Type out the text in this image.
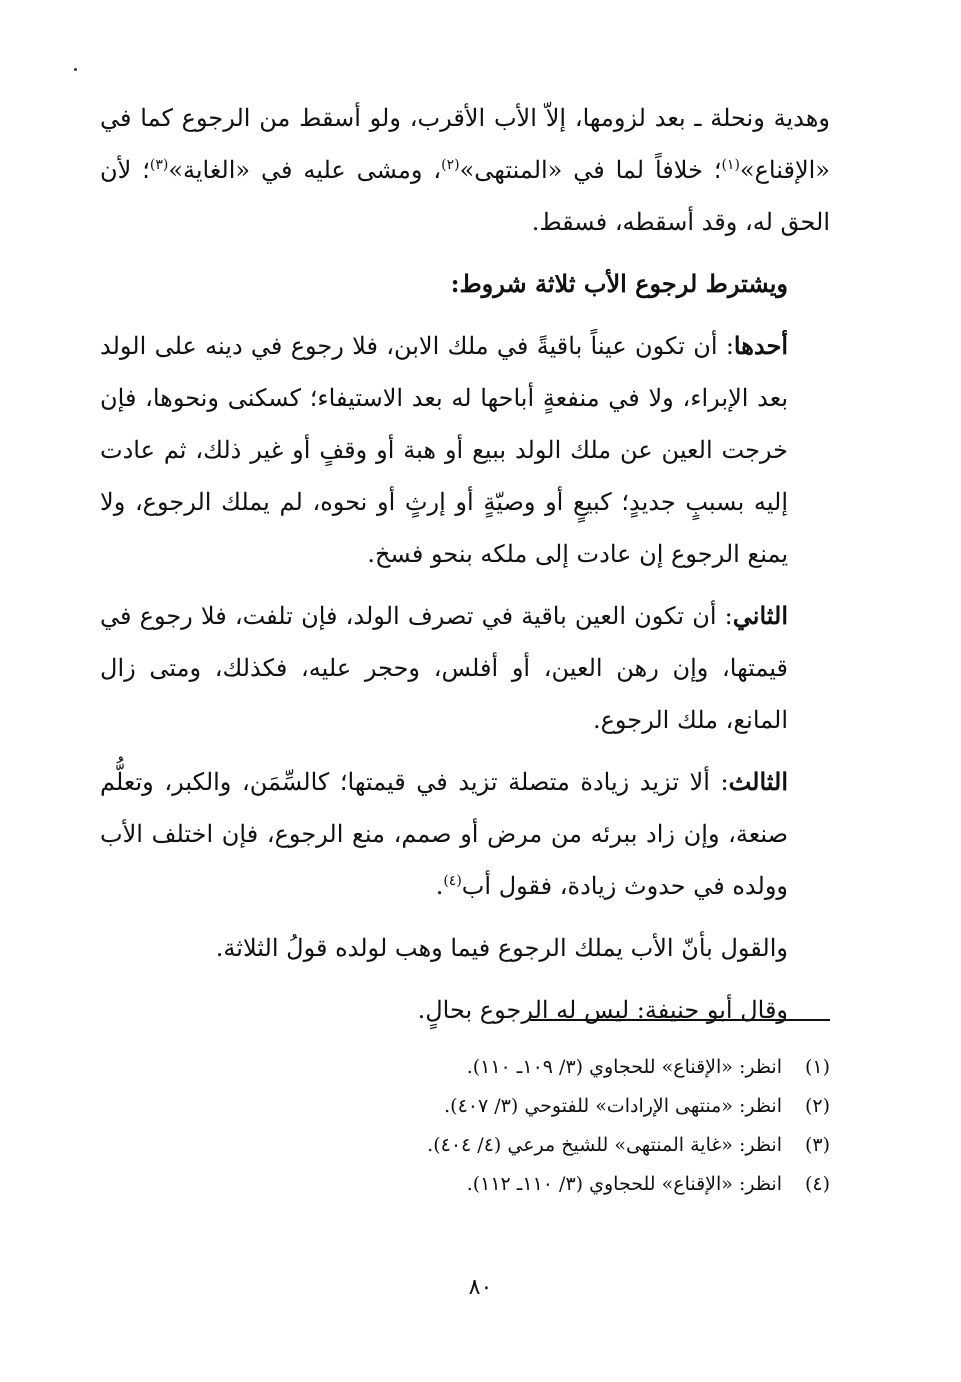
وهدية ونحلة ـ بعد لزومها، إلاّ الأب الأقرب، ولو أسقط من الرجوع كما في «الإقناع»$^{(١)}$؛ خلافاً لما في «المنتهى»$^{(٢)}$، ومشى عليه في «الغاية»$^{(٣)}$؛ لأن الحق له، وقد أسقطه، فسقط.

ويشترط لرجوع الأب ثلاثة شروط:

أحدها: أن تكون عيناً باقيةً في ملك الابن، فلا رجوع في دينه على الولد بعد الإبراء، ولا في منفعةٍ أباحها له بعد الاستيفاء؛ كسكنى ونحوها، فإن خرجت العين عن ملك الولد ببيع أو هبة أو وقفٍ أو غير ذلك، ثم عادت إليه بسببٍ جديدٍ؛ كبيعٍ أو وصيّةٍ أو إرثٍ أو نحوه، لم يملك الرجوع، ولا يمنع الرجوع إن عادت إلى ملكه بنحو فسخ.

الثاني: أن تكون العين باقية في تصرف الولد، فإن تلفت، فلا رجوع في قيمتها، وإن رهن العين، أو أفلس، وحجر عليه، فكذلك، ومتى زال المانع، ملك الرجوع.

الثالث: ألا تزيد زيادة متصلة تزيد في قيمتها؛ كالسِّمَن، والكبر، وتعلُّم صنعة، وإن زاد ببرئه من مرض أو صمم، منع الرجوع، فإن اختلف الأب وولده في حدوث زيادة، فقول أب$^{(٤)}$.

والقول بأنّ الأب يملك الرجوع فيما وهب لولده قولُ الثلاثة.

وقال أبو حنيفة: ليس له الرجوع بحالٍ.

(١)
انظر: «الإقناع» للحجاوي (٣/ ١٠٩ـ ١١٠).
(٢)
انظر: «منتهى الإرادات» للفتوحي (٣/ ٤٠٧).
(٣)
انظر: «غاية المنتهى» للشيخ مرعي (٤/ ٤٠٤).
(٤)
انظر: «الإقناع» للحجاوي (٣/ ١١٠ـ ١١٢).
٨٠
